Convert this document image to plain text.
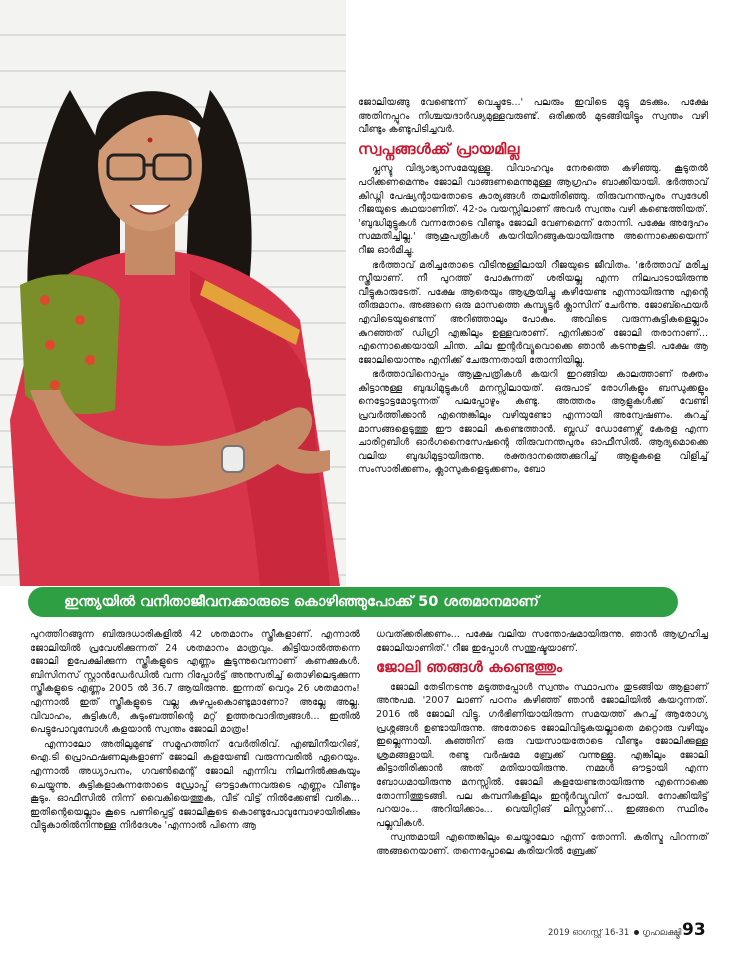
ജോലിയങ്ങു വേണ്ടെന്ന് വെച്ചൂടേ...' പലരും ഇവിടെ മുട്ടു മടക്കും. പക്ഷേ അതിനപ്പുറം നിശ്ചയദാർഢ്യമുള്ളവരുണ്ട്. ഒരിക്കൽ മുടങ്ങിയിട്ടും സ്വന്തം വഴി വീണ്ടും കണ്ടുപിടിച്ചവർ.

സ്വപ്നങ്ങൾക്ക് പ്രായമില്ല

പ്ലസ്ടു വിദ്യാഭ്യാസമേയുള്ളൂ. വിവാഹവും നേരത്തെ കഴിഞ്ഞു. കൂടുതൽ പഠിക്കണമെന്നും ജോലി വാങ്ങണമെന്നുമുള്ള ആഗ്രഹം ബാക്കിയായി. ഭർത്താവ് കിഡ്നി പേഷ്യന്റായതോടെ കാര്യങ്ങൾ തലതിരിഞ്ഞു. തിരുവനന്തപുരം സ്വദേശി റീജയുടെ കഥയാണിത്. 42-ാം വയസ്സിലാണ് അവർ സ്വന്തം വഴി കണ്ടെത്തിയത്. 'ബുദ്ധിമുട്ടുകൾ വന്നതോടെ വീണ്ടും ജോലി വേണമെന്ന് തോന്നി. പക്ഷേ അദ്ദേഹം സമ്മതിച്ചില്ല.' ആശുപത്രികൾ കയറിയിറങ്ങുകയായിരുന്നു അന്നൊക്കെയെന്ന് റീജ ഓർമിച്ചു.

ഭർത്താവ് മരിച്ചതോടെ വീടിനുള്ളിലായി റീജയുടെ ജീവിതം. 'ഭർത്താവ് മരിച്ച സ്ത്രീയാണ്. നീ പുറത്ത് പോകുന്നത് ശരിയല്ല എന്ന നിലപാടായിരുന്നു വീട്ടുകാരുടേത്. പക്ഷേ ആരെയും ആശ്രയിച്ചു കഴിയേണ്ട എന്നായിരുന്നു എന്റെ തീരുമാനം. അങ്ങനെ ഒരു മാസത്തെ കമ്പ്യൂട്ടർ ക്ലാസിന് ചേർന്നു. ജോബ്ഫെയർ എവിടെയുണ്ടെന്ന് അറിഞ്ഞാലും പോകും. അവിടെ വരുന്നകുട്ടികളെല്ലാം കുറഞ്ഞത് ഡിഗ്രി എങ്കിലും ഉള്ളവരാണ്. എനിക്കാര് ജോലി തരാനാണ്... എന്നൊക്കെയായി ചിന്ത. ചില ഇന്റർവ്യൂവൊക്കെ ഞാൻ കടന്നുകൂടി. പക്ഷേ ആ ജോലിയൊന്നും എനിക്ക് ചേരുന്നതായി തോന്നിയില്ല.

ഭർത്താവിനൊപ്പം ആശുപത്രികൾ കയറി ഇറങ്ങിയ കാലത്താണ് രക്തം കിട്ടാനുള്ള ബുദ്ധിമുട്ടുകൾ മനസ്സിലായത്. ഒരുപാട് രോഗികളും ബന്ധുക്കളും നെട്ടോട്ടമോടുന്നത് പലപ്പോഴും കണ്ടു. അത്തരം ആളുകൾക്ക് വേണ്ടി പ്രവർത്തിക്കാൻ എന്തെങ്കിലും വഴിയുണ്ടോ എന്നായി അന്വേഷണം. കുറച്ച് മാസങ്ങളെടുത്തു ഈ ജോലി കണ്ടെത്താൻ. ബ്ലഡ് ഡോണേഴ്സ് കേരള എന്ന ചാരിറ്റബിൾ ഓർഗനൈസേഷന്റെ തിരുവനന്തപുരം ഓഫീസിൽ. ആദ്യമൊക്കെ വലിയ ബുദ്ധിമുട്ടായിരുന്നു. രക്തദാനത്തെക്കുറിച്ച് ആളുകളെ വിളിച്ച് സംസാരിക്കണം, ക്ലാസുകളെടുക്കണം, ബോ

ഇന്ത്യയിൽ വനിതാജീവനക്കാരുടെ കൊഴിഞ്ഞുപോക്ക് 50 ശതമാനമാണ്

പുറത്തിറങ്ങുന്ന ബിരുദധാരികളിൽ 42 ശതമാനം സ്ത്രീകളാണ്. എന്നാൽ ജോലിയിൽ പ്രവേശിക്കുന്നത് 24 ശതമാനം മാത്രവും. കിട്ടിയാൽത്തന്നെ ജോലി ഉപേക്ഷിക്കുന്ന സ്ത്രീകളുടെ എണ്ണം കൂടുന്നുവെന്നാണ് കണക്കുകൾ. ബിസിനസ് സ്റ്റാൻഡേർഡിൽ വന്ന റിപ്പോർട്ട് അനുസരിച്ച് തൊഴിലെടുക്കുന്ന സ്ത്രീകളുടെ എണ്ണം 2005 ൽ 36.7 ആയിരുന്നു. ഇന്നത് വെറും 26 ശതമാനം! എന്നാൽ ഇത് സ്ത്രീകളുടെ വല്ല കുഴപ്പംകൊണ്ടുമാണോ? അല്ലേ അല്ല. വിവാഹം, കുട്ടികൾ, കുടുംബത്തിന്റെ മറ്റ് ഉത്തരവാദിത്വങ്ങൾ... ഇതിൽ പെട്ടുപോവുമ്പോൾ കളയാൻ സ്വന്തം ജോലി മാത്രം!

എന്നാലോ അതിലുമുണ്ട് സമൂഹത്തിന് വേർതിരിവ്. എഞ്ചിനീയറിങ്, ഐ.ടി പ്രൊഫഷണലുകളാണ് ജോലി കളയേണ്ടി വരുന്നവരിൽ ഏറെയും. എന്നാൽ അധ്യാപനം, ഗവൺമെന്റ് ജോലി എന്നിവ നിലനിൽക്കുകയും ചെയ്യുന്നു. കുട്ടികളാകുന്നതോടെ ഡ്രോപ്പ് ഔട്ടാകുന്നവരുടെ എണ്ണം വീണ്ടും കൂടും. ഓഫീസിൽ നിന്ന് വൈകിയെത്തുക, വീട് വിട്ട് നിൽക്കേണ്ടി വരിക... ഇതിന്റെയെല്ലാം കൂടെ പണിപ്പെട്ട് ജോലികൂടെ കൊണ്ടുപോവുമ്പോഴായിരിക്കും വീട്ടുകാരിൽനിന്നുള്ള നിർദേശം 'എന്നാൽ പിന്നെ ആ

ധവത്ക്കരിക്കണം... പക്ഷേ വലിയ സന്തോഷമായിരുന്നു. ഞാൻ ആഗ്രഹിച്ച ജോലിയാണിത്.' റീജ ഇപ്പോൾ സന്തുഷ്ടയാണ്.

ജോലി ഞങ്ങൾ കണ്ടെത്തും

ജോലി തേടിനടന്നു മടുത്തപ്പോൾ സ്വന്തം സ്ഥാപനം തുടങ്ങിയ ആളാണ് അനുപമ. '2007 ലാണ് പഠനം കഴിഞ്ഞ് ഞാൻ ജോലിയിൽ കയറുന്നത്. 2016 ൽ ജോലി വിട്ടു. ഗർഭിണിയായിരുന്ന സമയത്ത് കുറച്ച് ആരോഗ്യ പ്രശ്നങ്ങൾ ഉണ്ടായിരുന്നു. അതോടെ ജോലിവിടുകയല്ലാതെ മറ്റൊരു വഴിയും ഇല്ലെന്നായി. കുഞ്ഞിന് ഒരു വയസായതോടെ വീണ്ടും ജോലിക്കുള്ള ശ്രമങ്ങളായി. രണ്ടു വർഷമേ ബ്രേക്ക് വന്നുള്ളൂ. എങ്കിലും ജോലി കിട്ടാതിരിക്കാൻ അത് മതിയായിരുന്നു. നമ്മൾ ഔട്ടായി എന്ന ബോധമായിരുന്നു മനസ്സിൽ. ജോലി കളയേണ്ടതായിരുന്നു എന്നൊക്കെ തോന്നിത്തുടങ്ങി. പല കമ്പനികളിലും ഇന്റർവ്യൂവിന് പോയി. നോക്കിയിട്ട് പറയാം... അറിയിക്കാം... വെയിറ്റിങ് ലിസ്റ്റാണ്... ഇങ്ങനെ സ്ഥിരം പല്ലവികൾ.

സ്വന്തമായി എന്തെങ്കിലും ചെയ്താലോ എന്ന് തോന്നി. കരിസ്മ പിറന്നത് അങ്ങനെയാണ്. തന്നെപ്പോലെ കരിയറിൽ ബ്രേക്ക്

2019 ഓഗസ്റ്റ് 16-31 ഗൃഹലക്ഷ്മി 93
